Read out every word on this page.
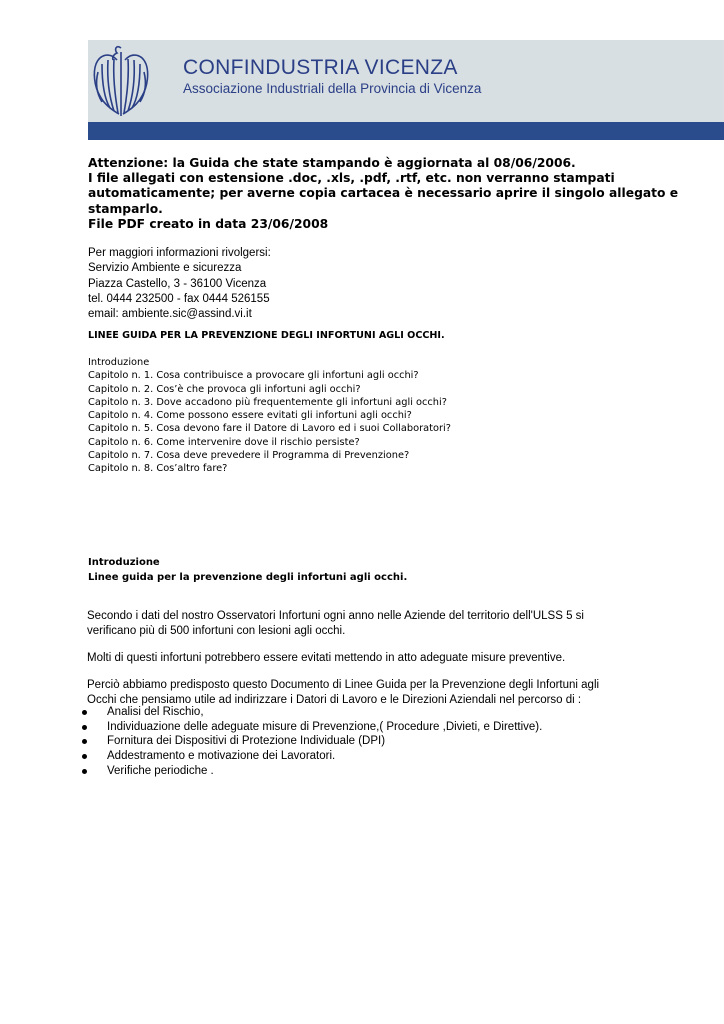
CONFINDUSTRIA VICENZA
Associazione Industriali della Provincia di Vicenza
Attenzione: la Guida che state stampando è aggiornata al 08/06/2006.
I file allegati con estensione .doc, .xls, .pdf, .rtf, etc. non verranno stampati
automaticamente; per averne copia cartacea è necessario aprire il singolo allegato e
stamparlo.
File PDF creato in data 23/06/2008
Per maggiori informazioni rivolgersi:
Servizio Ambiente e sicurezza
Piazza Castello, 3 - 36100 Vicenza
tel. 0444 232500 - fax 0444 526155
email: ambiente.sic@assind.vi.it
LINEE GUIDA PER LA PREVENZIONE DEGLI INFORTUNI AGLI OCCHI.
Introduzione
Capitolo n. 1. Cosa contribuisce a provocare gli infortuni agli occhi?
Capitolo n. 2. Cos’è che provoca gli infortuni agli occhi?
Capitolo n. 3. Dove accadono più frequentemente gli infortuni agli occhi?
Capitolo n. 4. Come possono essere evitati gli infortuni agli occhi?
Capitolo n. 5. Cosa devono fare il Datore di Lavoro ed i suoi Collaboratori?
Capitolo n. 6. Come intervenire dove il rischio persiste?
Capitolo n. 7. Cosa deve prevedere il Programma di Prevenzione?
Capitolo n. 8. Cos’altro fare?
Introduzione
Linee guida per la prevenzione degli infortuni agli occhi.
Secondo i dati del nostro Osservatori Infortuni ogni anno nelle Aziende del territorio dell'ULSS 5 si
verificano più di 500 infortuni con lesioni agli occhi.
Molti di questi infortuni potrebbero essere evitati mettendo in atto adeguate misure preventive.
Perciò abbiamo predisposto questo Documento di Linee Guida per la Prevenzione degli Infortuni agli
Occhi che pensiamo utile ad indirizzare i Datori di Lavoro e le Direzioni Aziendali nel percorso di :
Analisi del Rischio,
Individuazione delle adeguate misure di Prevenzione,( Procedure ,Divieti, e Direttive).
Fornitura dei Dispositivi di Protezione Individuale (DPI)
Addestramento e motivazione dei Lavoratori.
Verifiche periodiche .
